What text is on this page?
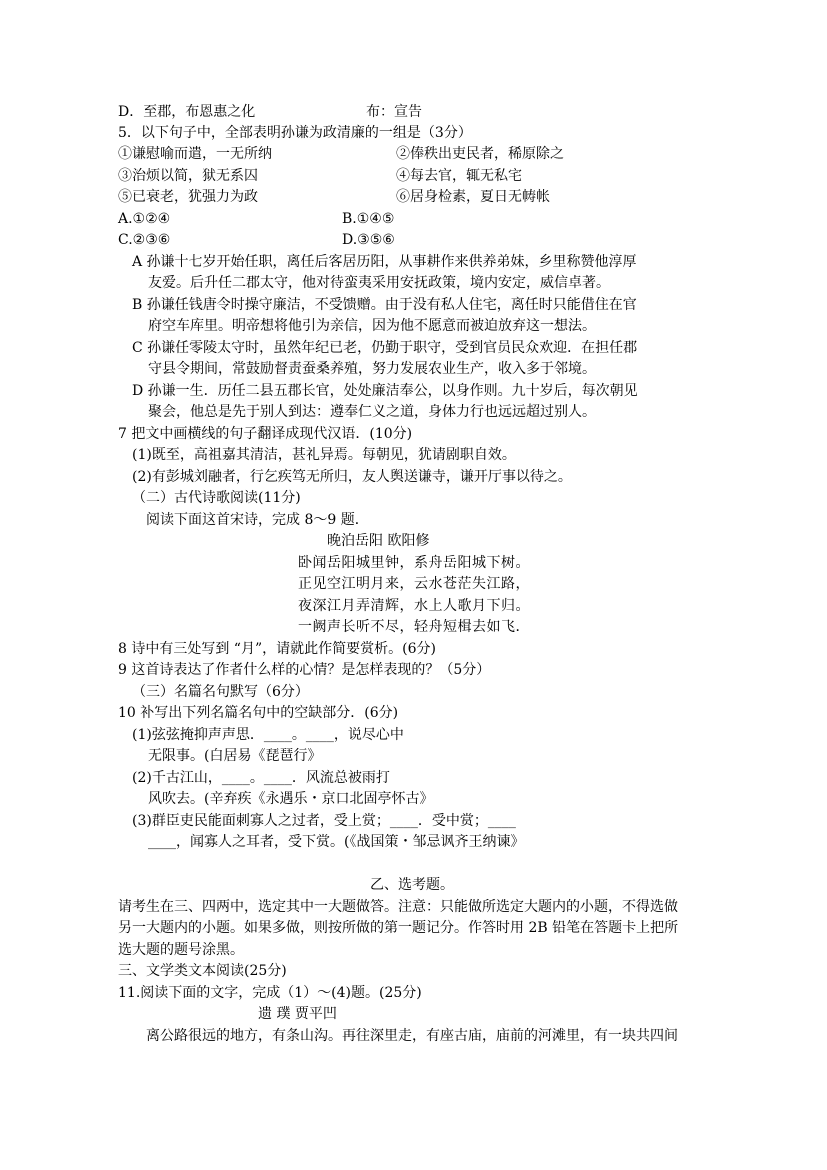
D．至郡，布恩惠之化	布：宣告
5．以下句子中，全部表明孙谦为政清廉的一组是（3分）
①谦慰喻而遣，一无所纳	②俸秩出吏民者，稀原除之
③治烦以简，狱无系囚	④每去官，辄无私宅
⑤已衰老，犹强力为政	⑥居身检素，夏日无帱帐
A.①②④	B.①④⑤
C.②③⑥	D.③⑤⑥
A 孙谦十七岁开始任职，离任后客居历阳，从事耕作来供养弟妹，乡里称赞他淳厚
友爱。后升任二郡太守，他对待蛮夷采用安抚政策，境内安定，威信卓著。
B 孙谦任钱唐令时操守廉洁，不受馈赠。由于没有私人住宅，离任时只能借住在官
府空车库里。明帝想将他引为亲信，因为他不愿意而被迫放弃这一想法。
C 孙谦任零陵太守时，虽然年纪已老，仍勤于职守，受到官员民众欢迎．在担任郡
守县令期间，常鼓励督责蚕桑养殖，努力发展农业生产，收入多于邻境。
D 孙谦一生．历任二县五郡长官，处处廉洁奉公，以身作则。九十岁后，每次朝见
聚会，他总是先于别人到达：遵奉仁义之道，身体力行也远远超过别人。
7 把文中画横线的句子翻译成现代汉语．(10分)
(1)既至，高祖嘉其清洁，甚礼异焉。每朝见，犹请剧职自效。
(2)有彭城刘融者，行乞疾笃无所归，友人舆送谦寺，谦开厅事以待之。
（二）古代诗歌阅读(11分)
阅读下面这首宋诗，完成 8～9 题．
晚泊岳阳 欧阳修
卧闻岳阳城里钟，系舟岳阳城下树。
正见空江明月来，云水苍茫失江路，
夜深江月弄清辉，水上人歌月下归。
一阙声长听不尽，轻舟短楫去如飞．
8 诗中有三处写到 “月”，请就此作简要赏析。(6分)
9 这首诗表达了作者什么样的心情？是怎样表现的？（5分）
（三）名篇名句默写（6分）
10 补写出下列名篇名句中的空缺部分．(6分)
(1)弦弦掩抑声声思．____。____，说尽心中
无限事。(白居易《琵琶行》
(2)千古江山，____。____．风流总被雨打
风吹去。(辛弃疾《永遇乐・京口北固亭怀古》
(3)群臣吏民能面刺寡人之过者，受上赏；____．受中赏；____
____，闻寡人之耳者，受下赏。(《战国策・邹忌讽齐王纳谏》
乙、选考题。
请考生在三、四两中，选定其中一大题做答。注意：只能做所选定大题内的小题，不得选做
另一大题内的小题。如果多做，则按所做的第一题记分。作答时用 2B 铅笔在答题卡上把所
选大题的题号涂黑。
三、文学类文本阅读(25分)
11.阅读下面的文字，完成（1）～(4)题。(25分)
遗 璞 贾平凹
离公路很远的地方，有条山沟。再往深里走，有座古庙，庙前的河滩里，有一块共四间
